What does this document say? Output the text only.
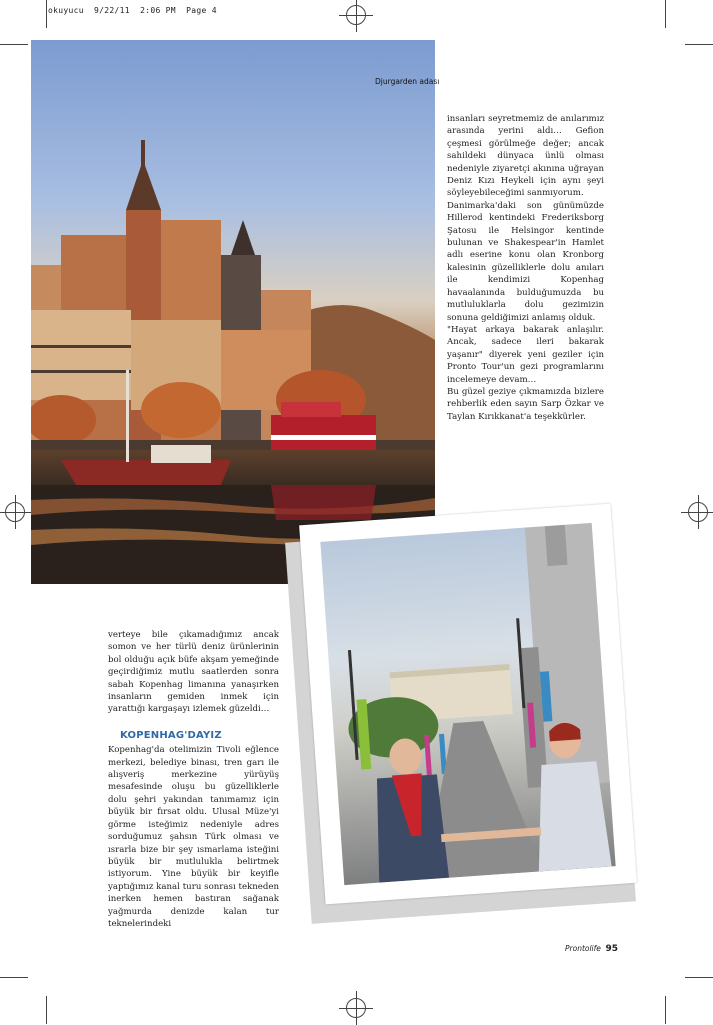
okuyucu  9/22/11  2:06 PM  Page 4
Djurgarden adası

insanları seyretmemiz de anılarımız arasında yerini aldı… Gefion çeşmesi görülmeğe değer; ancak sahildeki dünyaca ünlü olması nedeniyle ziyaretçi akınına uğrayan Deniz Kızı Heykeli için aynı şeyi söyleyebileceğimi sanmıyorum.

Danimarka'daki son günümüzde Hillerod kentindeki Frederiksborg Şatosu ile Helsingor kentinde bulunan ve Shakespear'in Hamlet adlı eserine konu olan Kronborg kalesinin güzelliklerle dolu anıları ile kendimizi Kopenhag havaalanında bulduğumuzda bu mutluluklarla dolu gezimizin sonuna geldiğimizi anlamış olduk.

"Hayat arkaya bakarak anlaşılır. Ancak, sadece ileri bakarak yaşanır" diyerek yeni geziler için Pronto Tour'un gezi programlarını incelemeye devam…

Bu güzel geziye çıkmamızda bizlere rehberlik eden sayın Sarp Özkar ve Taylan Kırıkkanat'a teşekkürler.

verteye bile çıkamadığımız ancak somon ve her türlü deniz ürünlerinin bol olduğu açık büfe akşam yemeğinde geçirdiğimiz mutlu saatlerden sonra sabah Kopenhag limanına yanaşırken insanların gemiden inmek için yarattığı kargaşayı izlemek güzeldi…

KOPENHAG'DAYIZ

Kopenhag'da otelimizin Tivoli eğlence merkezi, belediye binası, tren garı ile alışveriş merkezine yürüyüş mesafesinde oluşu bu güzelliklerle dolu şehri yakından tanımamız için büyük bir fırsat oldu. Ulusal Müze'yi görme isteğimiz nedeniyle adres sorduğumuz şahsın Türk olması ve ısrarla bize bir şey ısmarlama isteğini büyük bir mutlulukla belirtmek istiyorum. Yine büyük bir keyifle yaptığımız kanal turu sonrası tekneden inerken hemen bastıran sağanak yağmurda denizde kalan tur teknelerindeki

Prontolife 95
